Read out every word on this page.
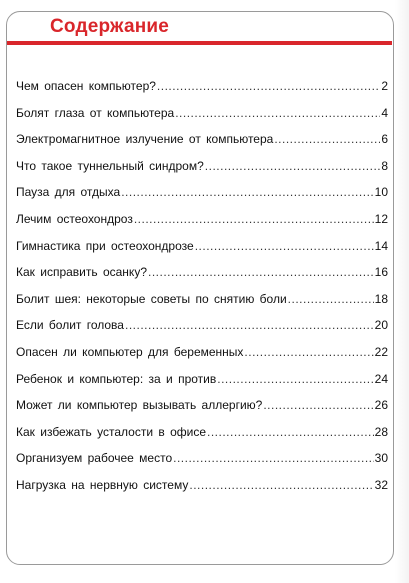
Содержание
Чем опасен компьютер? .....	2
Болят глаза от компьютера .....	4
Электромагнитное излучение от компьютера .....	6
Что такое туннельный синдром? .....	8
Пауза для отдыха .....	10
Лечим остеохондроз .....	12
Гимнастика при остеохондрозе .....	14
Как исправить осанку? .....	16
Болит шея: некоторые советы по снятию боли .....	18
Если болит голова .....	20
Опасен ли компьютер для беременных .....	22
Ребенок и компьютер: за и против .....	24
Может ли компьютер вызывать аллергию? .....	26
Как избежать усталости в офисе .....	28
Организуем рабочее место .....	30
Нагрузка на нервную систему .....	32
